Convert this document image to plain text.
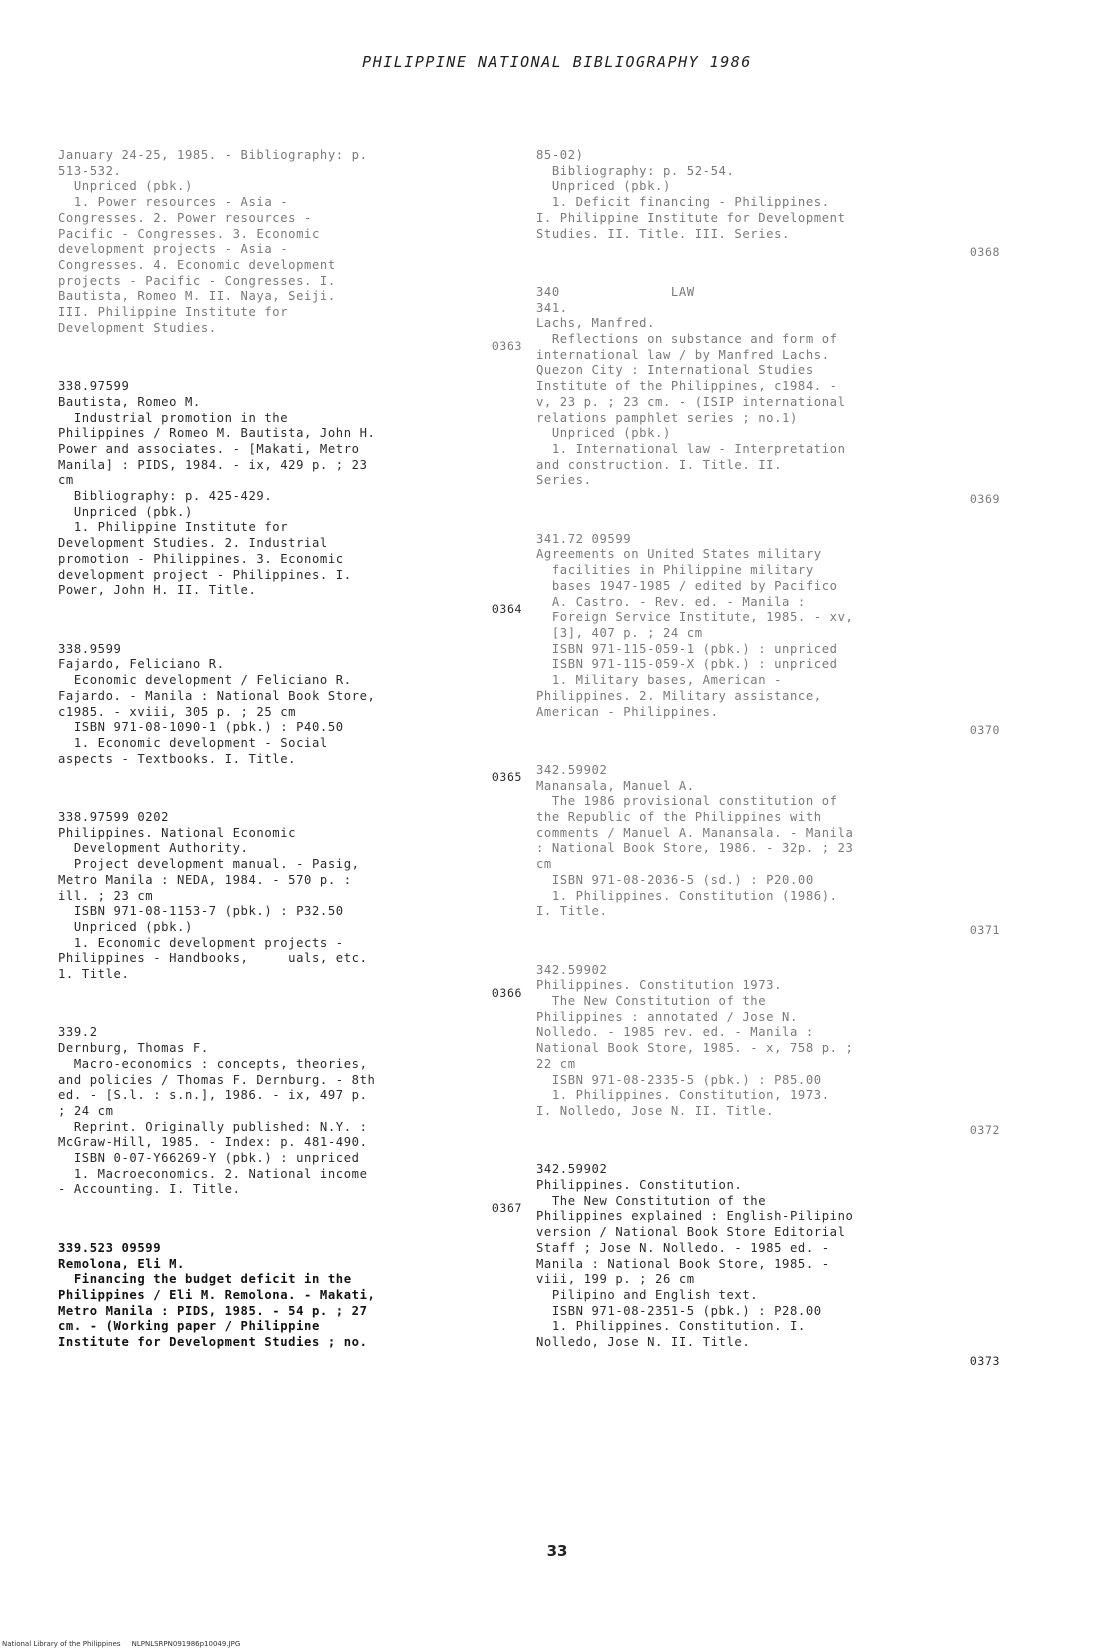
PHILIPPINE NATIONAL BIBLIOGRAPHY 1986
January 24-25, 1985. - Bibliography: p.
513-532.
Unpriced (pbk.)
1. Power resources - Asia -
Congresses. 2. Power resources -
Pacific - Congresses. 3. Economic
development projects - Asia -
Congresses. 4. Economic development
projects - Pacific - Congresses. I.
Bautista, Romeo M. II. Naya, Seiji.
III. Philippine Institute for
Development Studies.
0363
338.97599
Bautista, Romeo M.
Industrial promotion in the
Philippines / Romeo M. Bautista, John H.
Power and associates. - [Makati, Metro
Manila] : PIDS, 1984. - ix, 429 p. ; 23
cm
Bibliography: p. 425-429.
Unpriced (pbk.)
1. Philippine Institute for
Development Studies. 2. Industrial
promotion - Philippines. 3. Economic
development project - Philippines. I.
Power, John H. II. Title.
0364
338.9599
Fajardo, Feliciano R.
Economic development / Feliciano R.
Fajardo. - Manila : National Book Store,
c1985. - xviii, 305 p. ; 25 cm
ISBN 971-08-1090-1 (pbk.) : P40.50
1. Economic development - Social
aspects - Textbooks. I. Title.
0365
338.97599 0202
Philippines. National Economic
Development Authority.
Project development manual. - Pasig,
Metro Manila : NEDA, 1984. - 570 p. :
ill. ; 23 cm
ISBN 971-08-1153-7 (pbk.) : P32.50
Unpriced (pbk.)
1. Economic development projects -
Philippines - Handbooks,     uals, etc.
1. Title.
0366
339.2
Dernburg, Thomas F.
Macro-economics : concepts, theories,
and policies / Thomas F. Dernburg. - 8th
ed. - [S.l. : s.n.], 1986. - ix, 497 p.
; 24 cm
Reprint. Originally published: N.Y. :
McGraw-Hill, 1985. - Index: p. 481-490.
ISBN 0-07-Y66269-Y (pbk.) : unpriced
1. Macroeconomics. 2. National income
- Accounting. I. Title.
0367
339.523 09599
Remolona, Eli M.
Financing the budget deficit in the
Philippines / Eli M. Remolona. - Makati,
Metro Manila : PIDS, 1985. - 54 p. ; 27
cm. - (Working paper / Philippine
Institute for Development Studies ; no.
85-02)
Bibliography: p. 52-54.
Unpriced (pbk.)
1. Deficit financing - Philippines.
I. Philippine Institute for Development
Studies. II. Title. III. Series.
0368
340              LAW
341.
Lachs, Manfred.
Reflections on substance and form of
international law / by Manfred Lachs.
Quezon City : International Studies
Institute of the Philippines, c1984. -
v, 23 p. ; 23 cm. - (ISIP international
relations pamphlet series ; no.1)
Unpriced (pbk.)
1. International law - Interpretation
and construction. I. Title. II.
Series.
0369
341.72 09599
Agreements on United States military
facilities in Philippine military
bases 1947-1985 / edited by Pacifico
A. Castro. - Rev. ed. - Manila :
Foreign Service Institute, 1985. - xv,
[3], 407 p. ; 24 cm
ISBN 971-115-059-1 (pbk.) : unpriced
ISBN 971-115-059-X (pbk.) : unpriced
1. Military bases, American -
Philippines. 2. Military assistance,
American - Philippines.
0370
342.59902
Manansala, Manuel A.
The 1986 provisional constitution of
the Republic of the Philippines with
comments / Manuel A. Manansala. - Manila
: National Book Store, 1986. - 32p. ; 23
cm
ISBN 971-08-2036-5 (sd.) : P20.00
1. Philippines. Constitution (1986).
I. Title.
0371
342.59902
Philippines. Constitution 1973.
The New Constitution of the
Philippines : annotated / Jose N.
Nolledo. - 1985 rev. ed. - Manila :
National Book Store, 1985. - x, 758 p. ;
22 cm
ISBN 971-08-2335-5 (pbk.) : P85.00
1. Philippines. Constitution, 1973.
I. Nolledo, Jose N. II. Title.
0372
342.59902
Philippines. Constitution.
The New Constitution of the
Philippines explained : English-Pilipino
version / National Book Store Editorial
Staff ; Jose N. Nolledo. - 1985 ed. -
Manila : National Book Store, 1985. -
viii, 199 p. ; 26 cm
Pilipino and English text.
ISBN 971-08-2351-5 (pbk.) : P28.00
1. Philippines. Constitution. I.
Nolledo, Jose N. II. Title.
0373
33
National Library of the Philippines     NLPNLSRPN091986p10049.JPG
